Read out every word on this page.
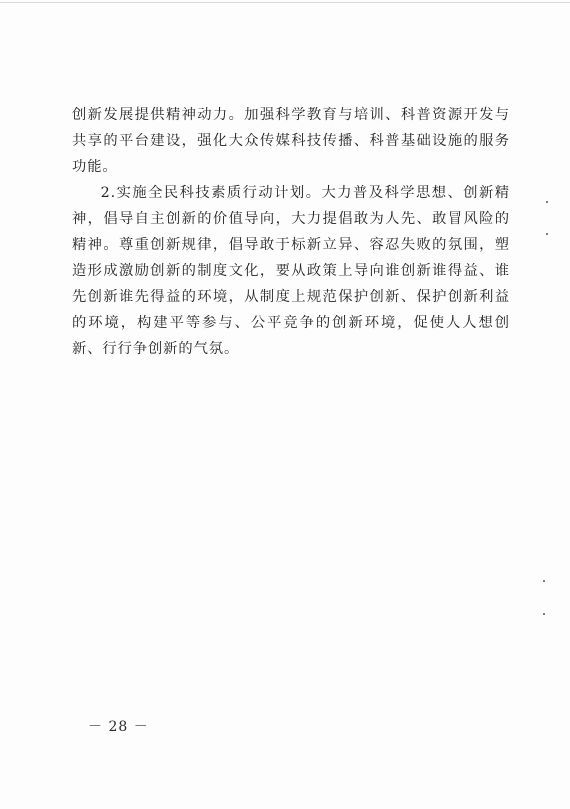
创新发展提供精神动力。加强科学教育与培训、科普资源开发与共享的平台建设，强化大众传媒科技传播、科普基础设施的服务功能。

2.实施全民科技素质行动计划。大力普及科学思想、创新精神，倡导自主创新的价值导向，大力提倡敢为人先、敢冒风险的精神。尊重创新规律，倡导敢于标新立异、容忍失败的氛围，塑造形成激励创新的制度文化，要从政策上导向谁创新谁得益、谁先创新谁先得益的环境，从制度上规范保护创新、保护创新利益的环境，构建平等参与、公平竞争的创新环境，促使人人想创新、行行争创新的气氛。

－ 28 －
